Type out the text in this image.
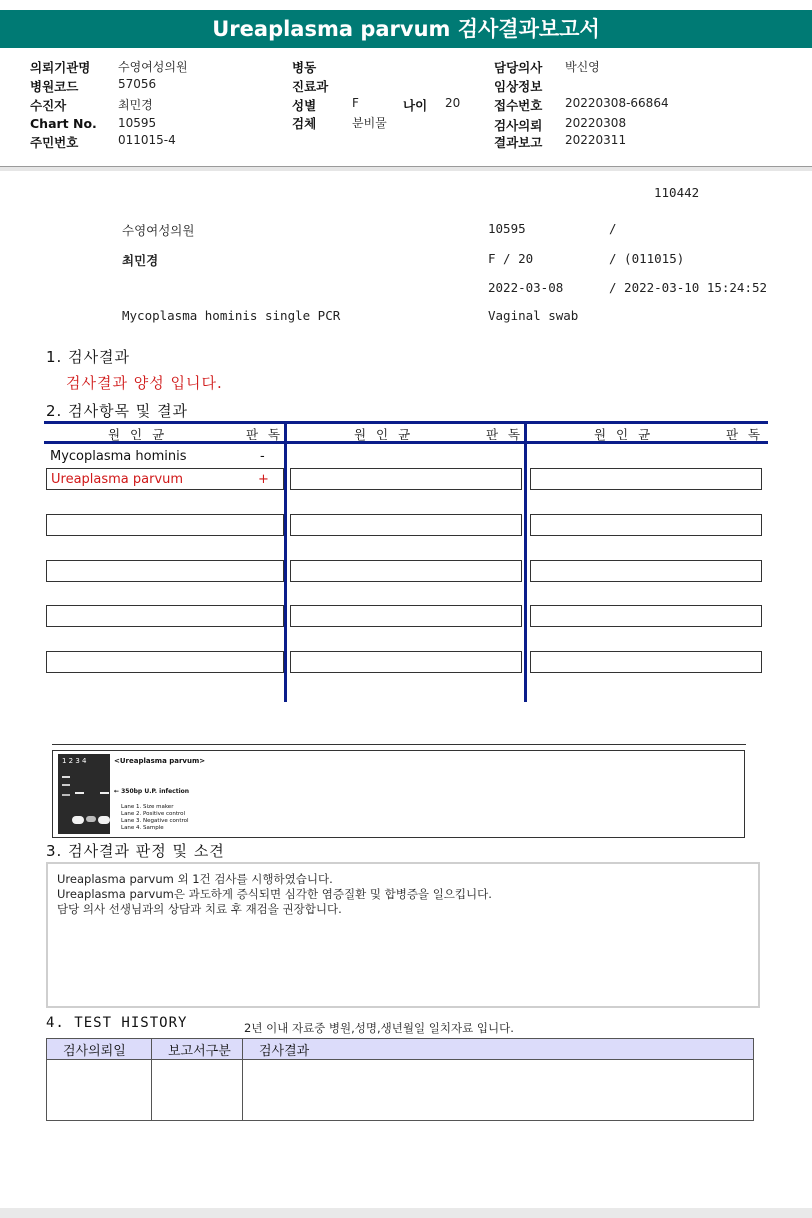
Ureaplasma parvum 검사결과보고서
의뢰기관명 수영여성의원
병원코드	57056
수진자	최민경
Chart No. 10595
주민번호	011015-4
병동
진료과
성별	F	나이 20
검체	분비물
담당의사 박신영
임상정보
접수번호 20220308-66864
검사의뢰 20220308
결과보고 20220311
110442
수영여성의원	10595	/
최민경	F / 20	/ (011015)
2022-03-08	/ 2022-03-10 15:24:52
Mycoplasma hominis single PCR	Vaginal swab
1. 검사결과
검사결과 양성 입니다.
2. 검사항목 및 결과
원 인 균	판 독	원 인 균	판 독	원 인 균	판 독
Mycoplasma hominis	-
Ureaplasma parvum	+
1 2 3 4	<Ureaplasma parvum>
← 350bp U.P. infection
Lane 1. Size maker
Lane 2. Positive control
Lane 3. Negative control
Lane 4. Sample
3. 검사결과 판정 및 소견
Ureaplasma parvum 외 1건 검사를 시행하였습니다.
Ureaplasma parvum은 과도하게 증식되면 심각한 염증질환 및 합병증을 일으킵니다.
담당 의사 선생님과의 상담과 치료 후 재검을 권장합니다.
4. TEST HISTORY	2년 이내 자료중 병원,성명,생년월일 일치자료 입니다.
검사의뢰일	보고서구분	검사결과
